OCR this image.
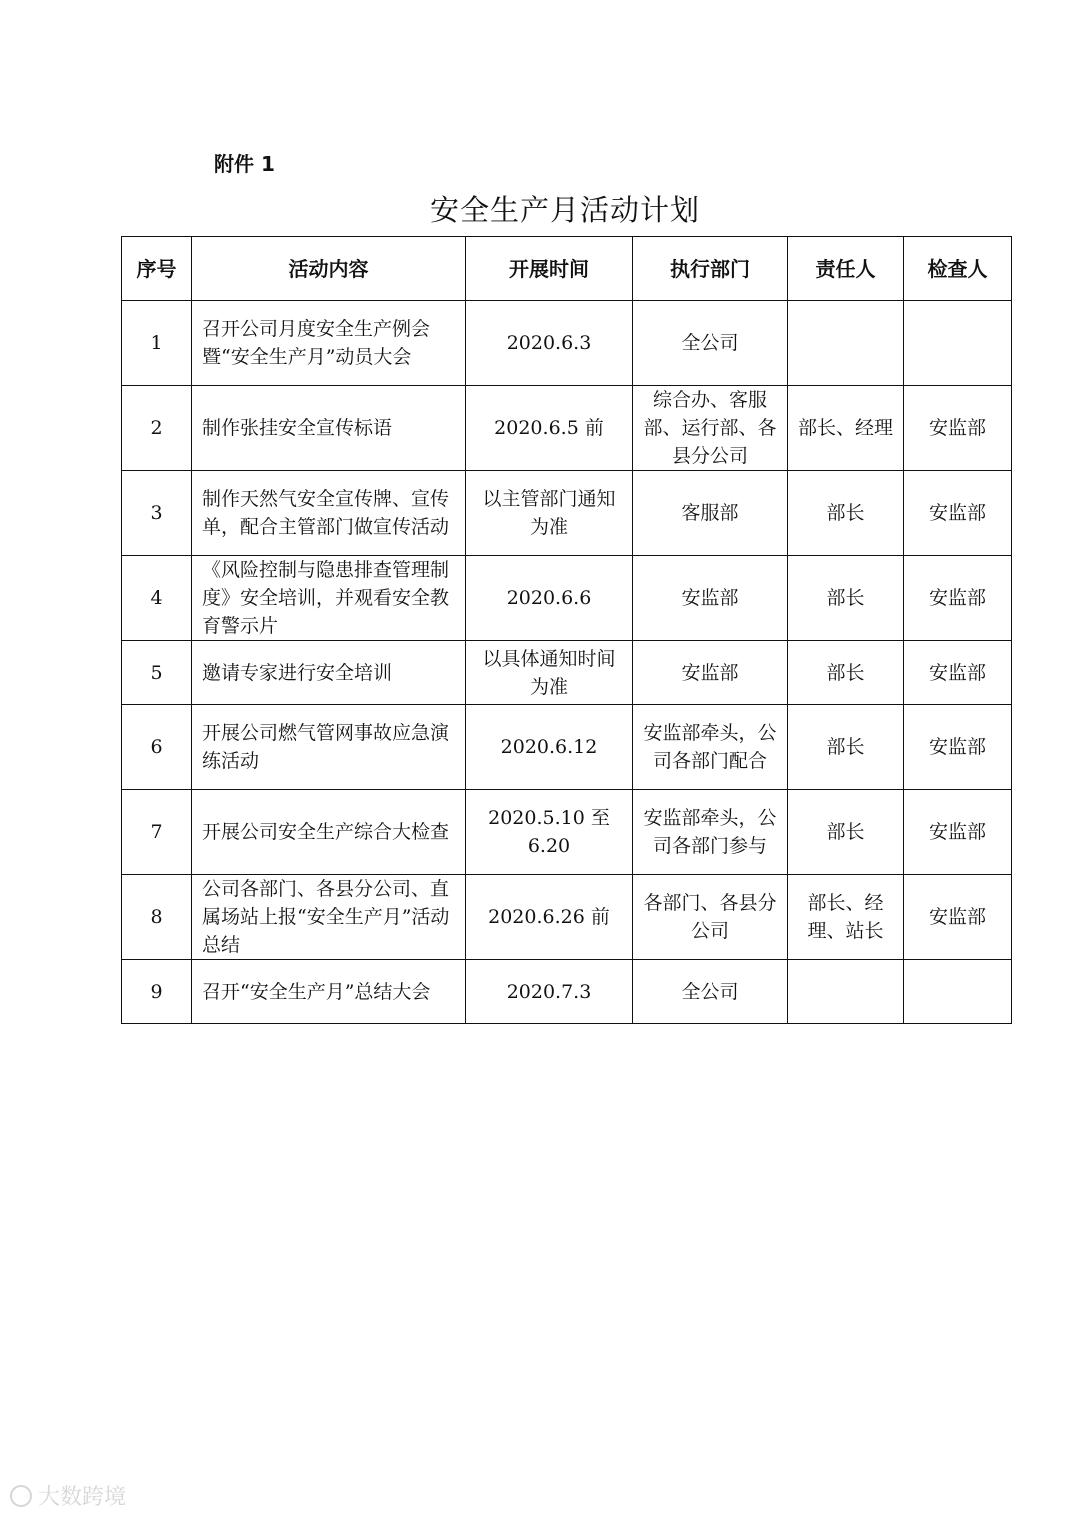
附件 1
安全生产月活动计划
序号	活动内容	开展时间	执行部门	责任人	检查人
1	召开公司月度安全生产例会暨“安全生产月”动员大会	2020.6.3	全公司		
2	制作张挂安全宣传标语	2020.6.5 前	综合办、客服部、运行部、各县分公司	部长、经理	安监部
3	制作天然气安全宣传牌、宣传单，配合主管部门做宣传活动	以主管部门通知为准	客服部	部长	安监部
4	《风险控制与隐患排查管理制度》安全培训，并观看安全教育警示片	2020.6.6	安监部	部长	安监部
5	邀请专家进行安全培训	以具体通知时间为准	安监部	部长	安监部
6	开展公司燃气管网事故应急演练活动	2020.6.12	安监部牵头，公司各部门配合	部长	安监部
7	开展公司安全生产综合大检查	2020.5.10 至 6.20	安监部牵头，公司各部门参与	部长	安监部
8	公司各部门、各县分公司、直属场站上报“安全生产月”活动总结	2020.6.26 前	各部门、各县分公司	部长、经理、站长	安监部
9	召开“安全生产月”总结大会	2020.7.3	全公司		
大数跨境
